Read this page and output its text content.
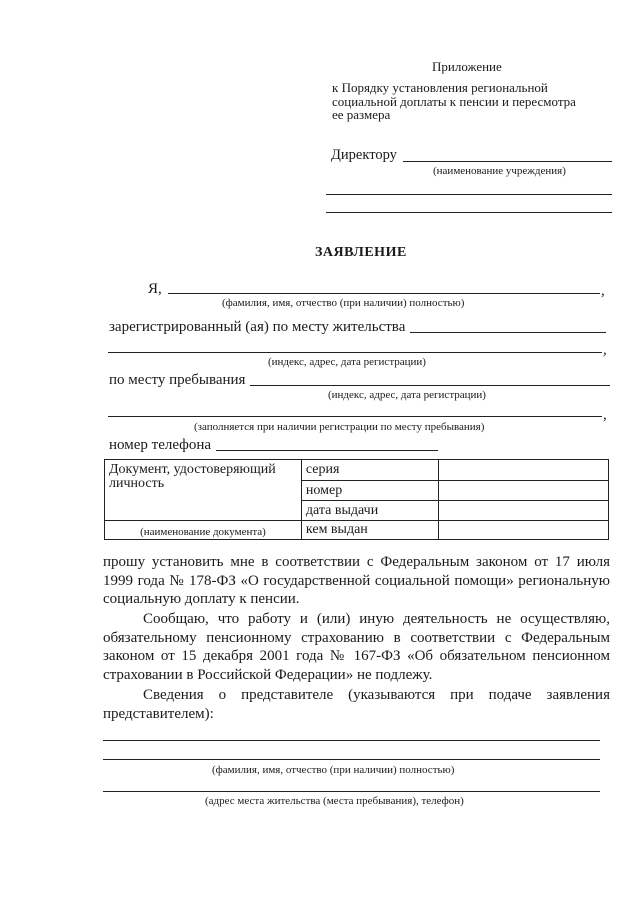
Приложение
к Порядку установления региональной
социальной доплаты к пенсии и пересмотра
ее размера
Директору
(наименование учреждения)
ЗАЯВЛЕНИЕ
Я,	,
(фамилия, имя, отчество (при наличии) полностью)
зарегистрированный (ая) по месту жительства
,
(индекс, адрес, дата регистрации)
по месту пребывания
(индекс, адрес, дата регистрации)
,
(заполняется при наличии регистрации по месту пребывания)
номер телефона
Документ, удостоверяющий личность	серия	
	номер	
	дата выдачи	
(наименование документа)	кем выдан	
прошу установить мне в соответствии с Федеральным законом от 17 июля 1999 года № 178-ФЗ «О государственной социальной помощи» региональную социальную доплату к пенсии.
Сообщаю, что работу и (или) иную деятельность не осуществляю, обязательному пенсионному страхованию в соответствии с Федеральным законом от 15 декабря 2001 года № 167-ФЗ «Об обязательном пенсионном страховании в Российской Федерации» не подлежу.
Сведения о представителе (указываются при подаче заявления представителем):
(фамилия, имя, отчество (при наличии) полностью)
(адрес места жительства (места пребывания), телефон)
